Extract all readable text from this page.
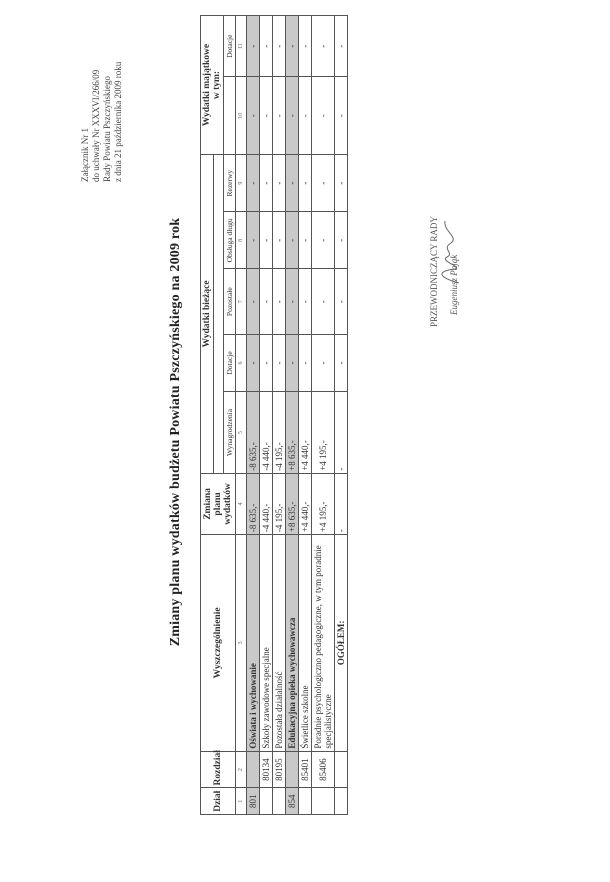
Załącznik Nr 1 do uchwały Nr XXXVI/266/09 Rady Powiatu Pszczyńskiego z dnia 21 października 2009 roku
Zmiany planu wydatków budżetu Powiatu Pszczyńskiego na 2009 rok
Dział	Rozdział	Wyszczególnienie	Zmiana planu wydatków	Wydatki bieżące					Wydatki majątkowe
w tym:	

				Wynagrodzenia	Dotacje	Pozostałe	Obsługa długu	Rezerwy		Dotacje
1	2	3	4	5	6	7	8	9	10	11
801		Oświata i wychowanie	-8 635,-	-8 635,-	-	-	-	-	-	-
	80134	Szkoły zawodowe specjalne	-4 440,-	-4 440,-	-	-	-	-	-	-
	80195	Pozostała działalność	-4 195,-	-4 195,-	-	-	-	-	-	-
854		Edukacyjna opieka wychowawcza	+8 635,-	+8 635,-	-	-	-	-	-	-
	85401	Świetlice szkolne	+4 440,-	+4 440,-	-	-	-	-	-	-
	85406	Poradnie psychologiczno pedagogiczne, w tym poradnie specjalistyczne	+4 195,-	+4 195,-	-	-	-	-	-	-
		OGÓŁEM:	-	-	-	-	-	-	-	-
PRZEWODNICZĄCY RADY Eugeniusz Pająk
